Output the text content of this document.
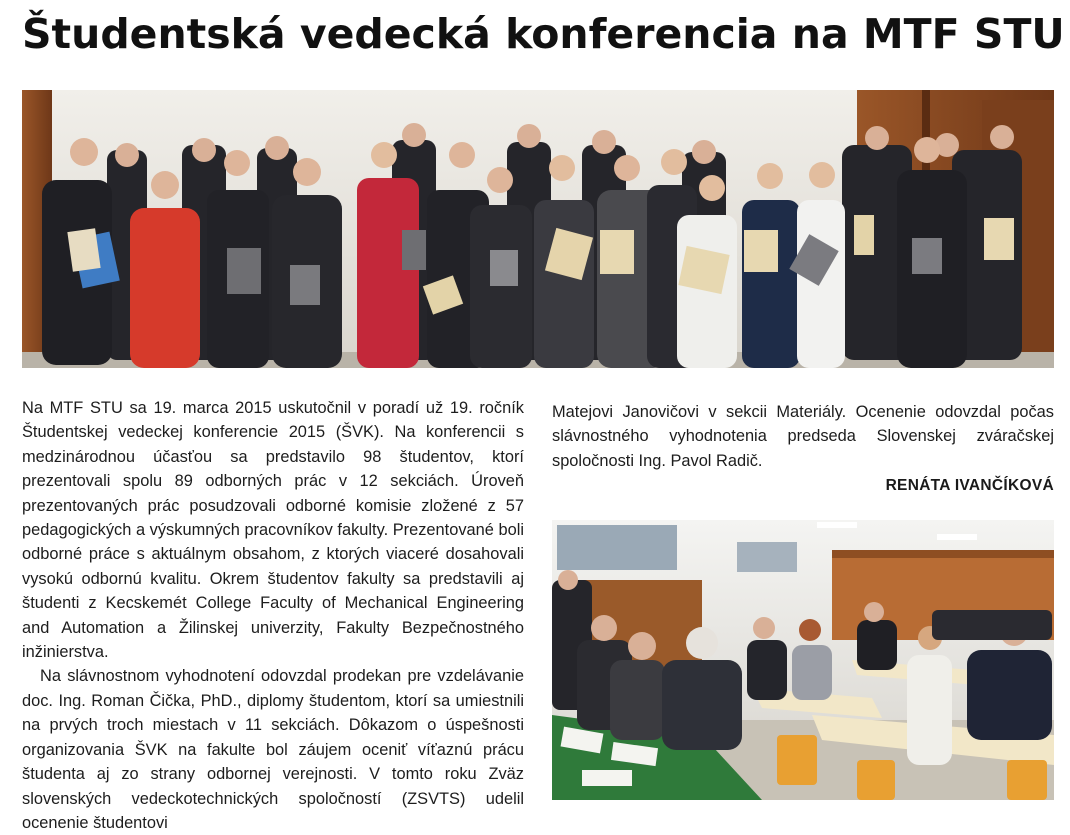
Študentská vedecká konferencia na MTF STU

Na MTF STU sa 19. marca 2015 uskutočnil v poradí už 19. ročník Študentskej vedeckej konferencie 2015 (ŠVK). Na konferencii s medzinárodnou účasťou sa predstavilo 98 študentov, ktorí prezentovali spolu 89 odborných prác v 12 sekciách. Úroveň prezentovaných prác posudzovali odborné komisie zložené z 57 pedagogických a výskumných pracovníkov fakulty. Prezentované boli odborné práce s aktuálnym obsahom, z ktorých viaceré dosahovali vysokú odbornú kvalitu. Okrem študentov fakulty sa predstavili aj študenti z Kecskemét College Faculty of Mechanical Engineering and Automation a Žilinskej univerzity, Fakulty Bezpečnostného inžinierstva.

Na slávnostnom vyhodnotení odovzdal prodekan pre vzdelávanie doc. Ing. Roman Čička, PhD., diplomy študentom, ktorí sa umiestnili na prvých troch miestach v 11 sekciách. Dôkazom o úspešnosti organizovania ŠVK na fakulte bol záujem oceniť víťaznú prácu študenta aj zo strany odbornej verejnosti. V tomto roku Zväz slovenských vedeckotechnických spoločností (ZSVTS) udelil ocenenie študentovi

Matejovi Janovičovi v sekcii Materiály. Ocenenie odovzdal počas slávnostného vyhodnotenia predseda Slovenskej zváračskej spoločnosti Ing. Pavol Radič.

RENÁTA IVANČÍKOVÁ
